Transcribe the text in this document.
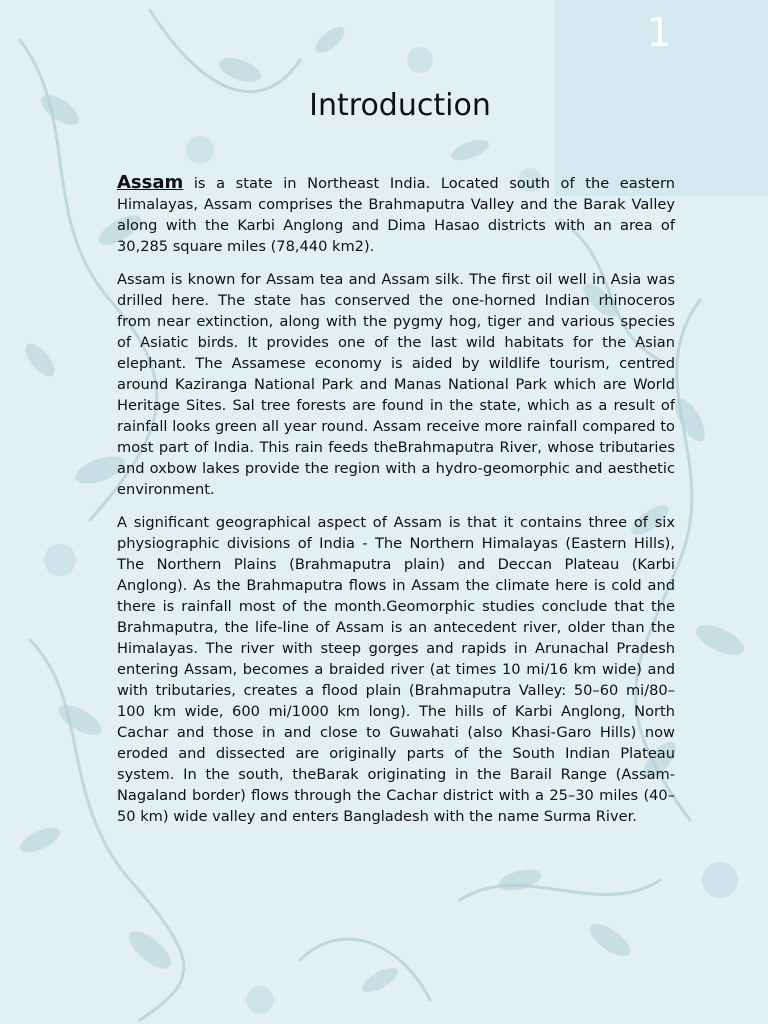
1
Introduction

Assam is a state in Northeast India. Located south of the eastern Himalayas, Assam comprises the Brahmaputra Valley and the Barak Valley along with the Karbi Anglong and Dima Hasao districts with an area of 30,285 square miles (78,440 km2).

Assam is known for Assam tea and Assam silk. The first oil well in Asia was drilled here. The state has conserved the one-horned Indian rhinoceros from near extinction, along with the pygmy hog, tiger and various species of Asiatic birds. It provides one of the last wild habitats for the Asian elephant. The Assamese economy is aided by wildlife tourism, centred around Kaziranga National Park and Manas National Park which are World Heritage Sites. Sal tree forests are found in the state, which as a result of rainfall looks green all year round. Assam receive more rainfall compared to most part of India. This rain feeds theBrahmaputra River, whose tributaries and oxbow lakes provide the region with a hydro-geomorphic and aesthetic environment.

A significant geographical aspect of Assam is that it contains three of six physiographic divisions of India - The Northern Himalayas (Eastern Hills), The Northern Plains (Brahmaputra plain) and Deccan Plateau (Karbi Anglong). As the Brahmaputra flows in Assam the climate here is cold and there is rainfall most of the month.Geomorphic studies conclude that the Brahmaputra, the life-line of Assam is an antecedent river, older than the Himalayas. The river with steep gorges and rapids in Arunachal Pradesh entering Assam, becomes a braided river (at times 10 mi/16 km wide) and with tributaries, creates a flood plain (Brahmaputra Valley: 50–60 mi/80–100 km wide, 600 mi/1000 km long). The hills of Karbi Anglong, North Cachar and those in and close to Guwahati (also Khasi-Garo Hills) now eroded and dissected are originally parts of the South Indian Plateau system. In the south, theBarak originating in the Barail Range (Assam-Nagaland border) flows through the Cachar district with a 25–30 miles (40–50 km) wide valley and enters Bangladesh with the name Surma River.
